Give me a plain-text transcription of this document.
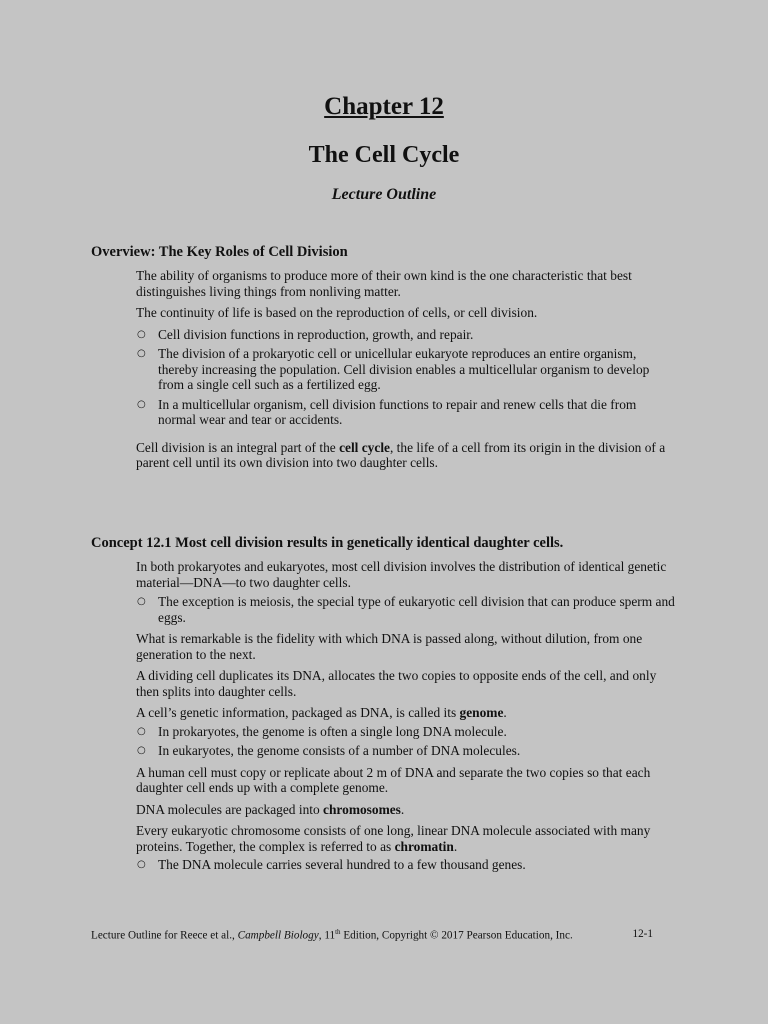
Chapter 12
The Cell Cycle
Lecture Outline
Overview: The Key Roles of Cell Division

The ability of organisms to produce more of their own kind is the one characteristic that best distinguishes living things from nonliving matter.

The continuity of life is based on the reproduction of cells, or cell division.

○ Cell division functions in reproduction, growth, and repair.
○ The division of a prokaryotic cell or unicellular eukaryote reproduces an entire organism, thereby increasing the population. Cell division enables a multicellular organism to develop from a single cell such as a fertilized egg.
○ In a multicellular organism, cell division functions to repair and renew cells that die from normal wear and tear or accidents.

Cell division is an integral part of the cell cycle, the life of a cell from its origin in the division of a parent cell until its own division into two daughter cells.

Concept 12.1 Most cell division results in genetically identical daughter cells.

In both prokaryotes and eukaryotes, most cell division involves the distribution of identical genetic material—DNA—to two daughter cells.

○ The exception is meiosis, the special type of eukaryotic cell division that can produce sperm and eggs.

What is remarkable is the fidelity with which DNA is passed along, without dilution, from one generation to the next.

A dividing cell duplicates its DNA, allocates the two copies to opposite ends of the cell, and only then splits into daughter cells.

A cell’s genetic information, packaged as DNA, is called its genome.

○ In prokaryotes, the genome is often a single long DNA molecule.
○ In eukaryotes, the genome consists of a number of DNA molecules.

A human cell must copy or replicate about 2 m of DNA and separate the two copies so that each daughter cell ends up with a complete genome.

DNA molecules are packaged into chromosomes.

Every eukaryotic chromosome consists of one long, linear DNA molecule associated with many proteins. Together, the complex is referred to as chromatin.

○ The DNA molecule carries several hundred to a few thousand genes.
Lecture Outline for Reece et al., Campbell Biology, 11th Edition, Copyright © 2017 Pearson Education, Inc.	12-1
